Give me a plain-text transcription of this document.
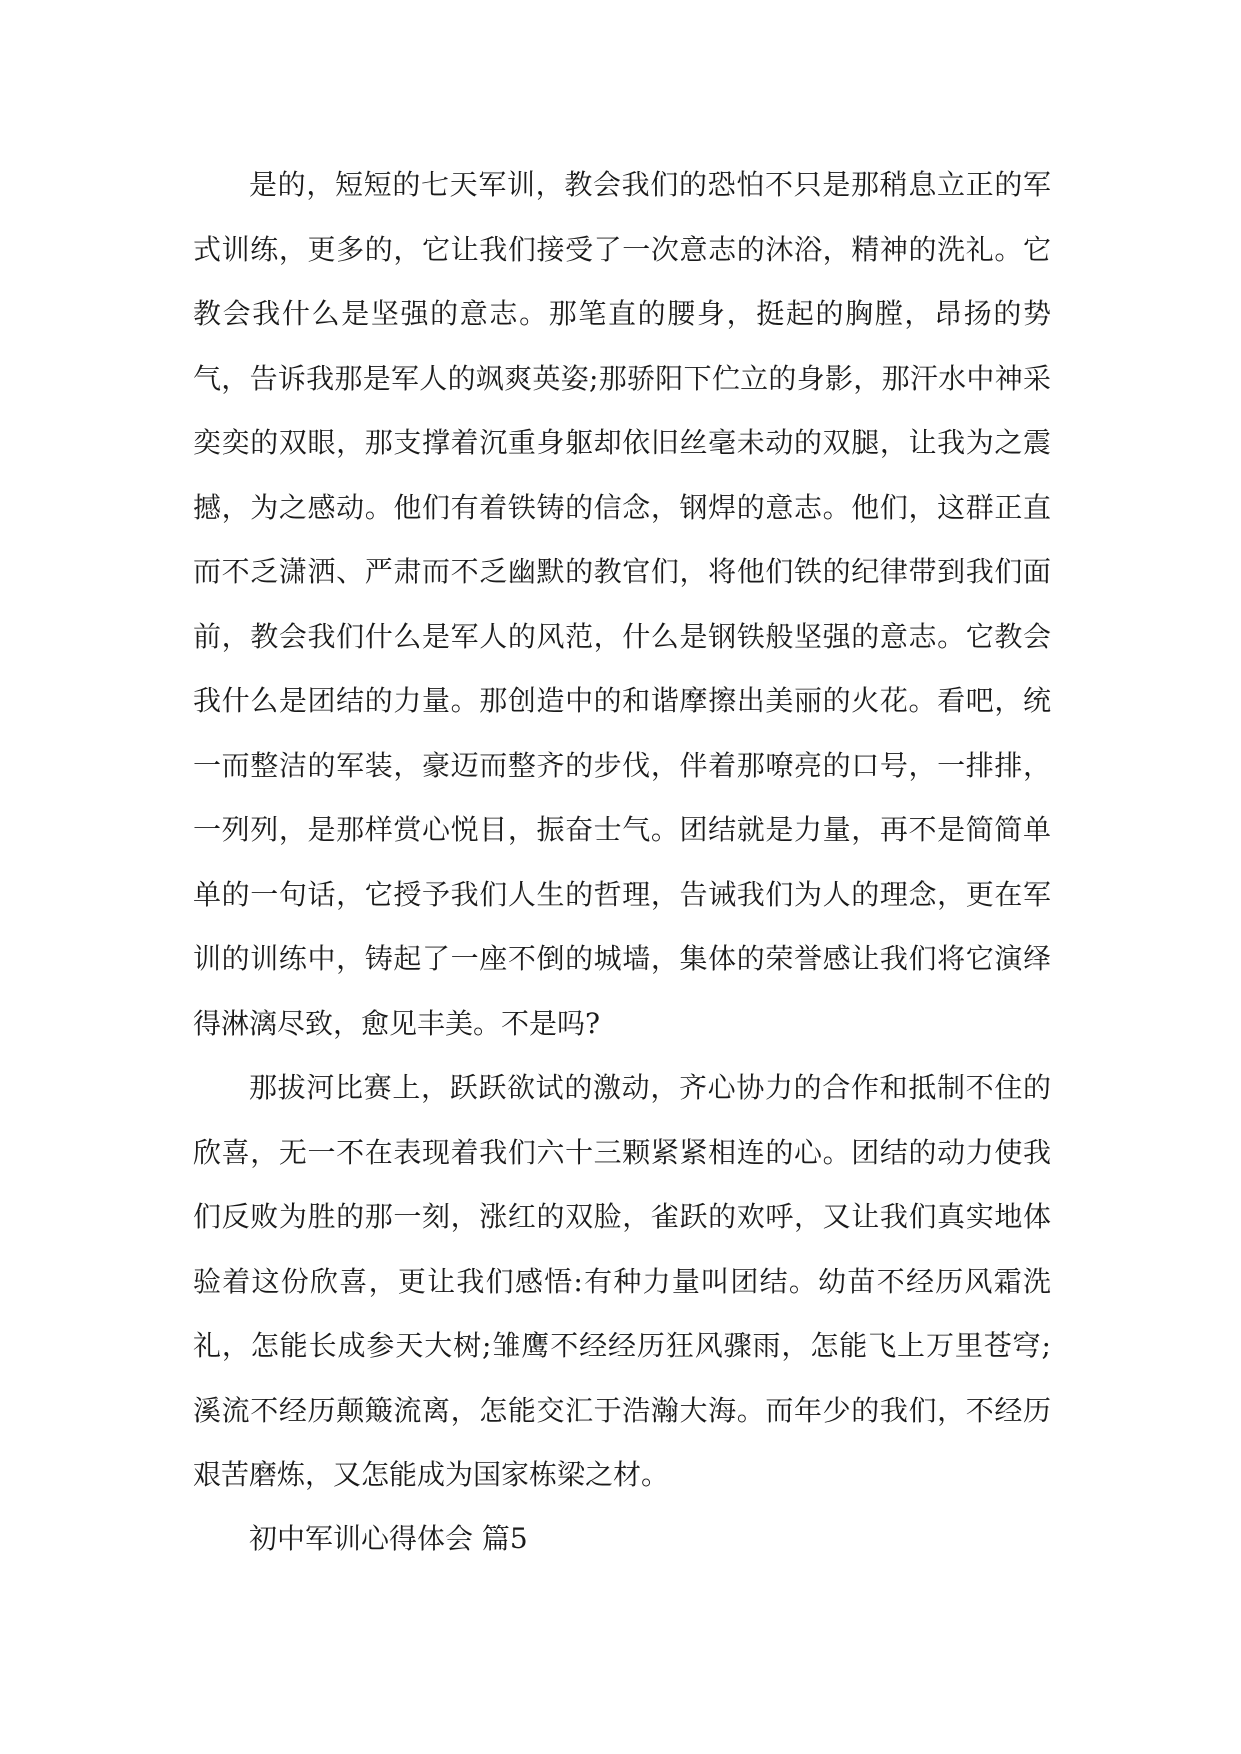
是的，短短的七天军训，教会我们的恐怕不只是那稍息立正的军式训练，更多的，它让我们接受了一次意志的沐浴，精神的洗礼。它教会我什么是坚强的意志。那笔直的腰身，挺起的胸膛，昂扬的势气，告诉我那是军人的飒爽英姿;那骄阳下伫立的身影，那汗水中神采奕奕的双眼，那支撑着沉重身躯却依旧丝毫未动的双腿，让我为之震撼，为之感动。他们有着铁铸的信念，钢焊的意志。他们，这群正直而不乏潇洒、严肃而不乏幽默的教官们，将他们铁的纪律带到我们面前，教会我们什么是军人的风范，什么是钢铁般坚强的意志。它教会我什么是团结的力量。那创造中的和谐摩擦出美丽的火花。看吧，统一而整洁的军装，豪迈而整齐的步伐，伴着那嘹亮的口号，一排排，一列列，是那样赏心悦目，振奋士气。团结就是力量，再不是简简单单的一句话，它授予我们人生的哲理，告诫我们为人的理念，更在军训的训练中，铸起了一座不倒的城墙，集体的荣誉感让我们将它演绎得淋漓尽致，愈见丰美。不是吗?

那拔河比赛上，跃跃欲试的激动，齐心协力的合作和抵制不住的欣喜，无一不在表现着我们六十三颗紧紧相连的心。团结的动力使我们反败为胜的那一刻，涨红的双脸，雀跃的欢呼，又让我们真实地体验着这份欣喜，更让我们感悟:有种力量叫团结。幼苗不经历风霜洗礼，怎能长成参天大树;雏鹰不经经历狂风骤雨，怎能飞上万里苍穹;溪流不经历颠簸流离，怎能交汇于浩瀚大海。而年少的我们，不经历艰苦磨炼，又怎能成为国家栋梁之材。

初中军训心得体会 篇5
